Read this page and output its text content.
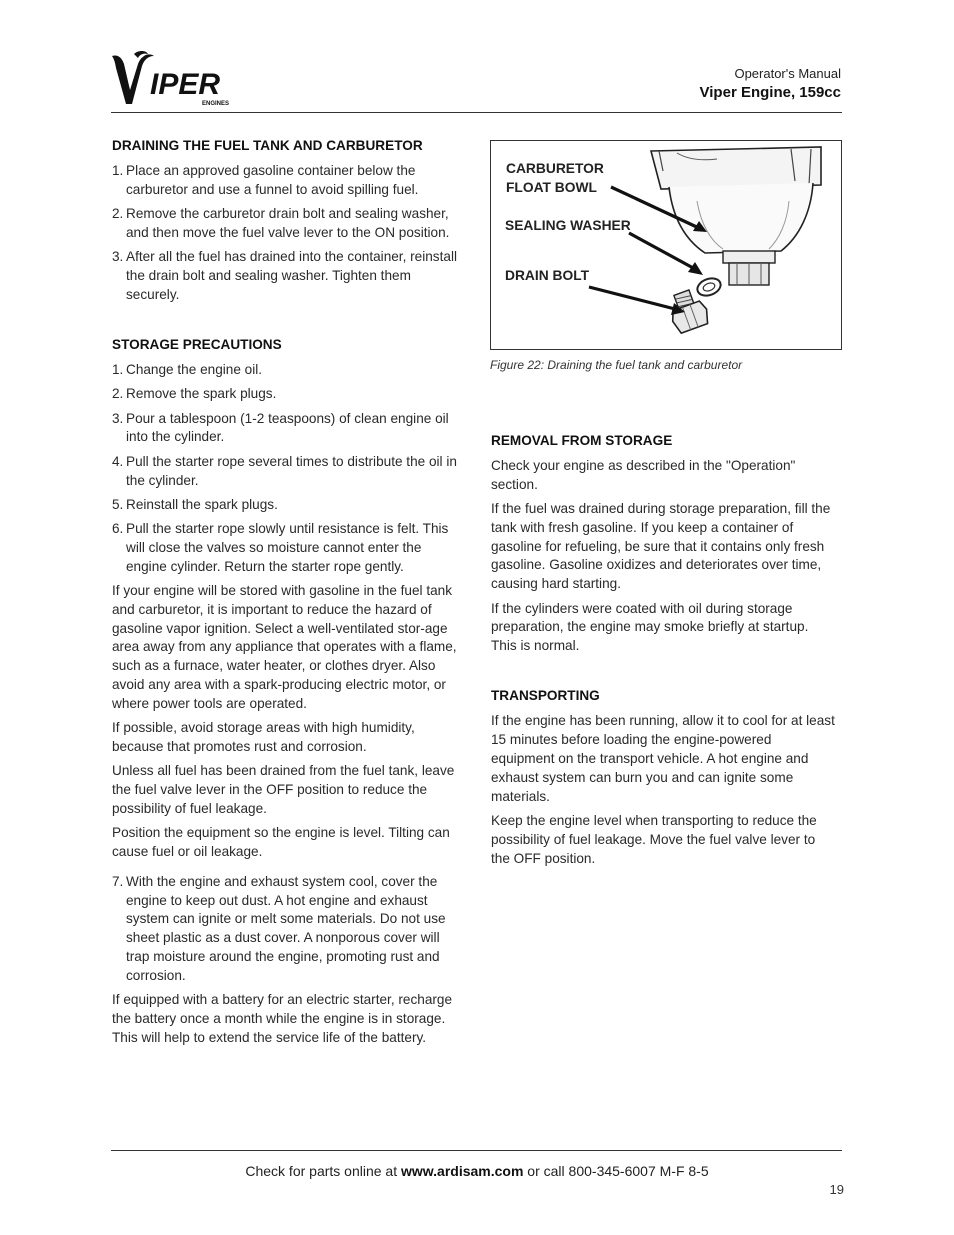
IPER
ENGINES
Operator's Manual
Viper Engine, 159cc
DRAINING THE FUEL TANK AND CARBURETOR
1. Place an approved gasoline container below the carburetor and use a funnel to avoid spilling fuel.
2. Remove the carburetor drain bolt and sealing washer, and then move the fuel valve lever to the ON position.
3. After all the fuel has drained into the container, reinstall the drain bolt and sealing washer. Tighten them securely.
STORAGE PRECAUTIONS
1. Change the engine oil.
2. Remove the spark plugs.
3. Pour a tablespoon (1-2 teaspoons) of clean engine oil into the cylinder.
4. Pull the starter rope several times to distribute the oil in the cylinder.
5. Reinstall the spark plugs.
6. Pull the starter rope slowly until resistance is felt. This will close the valves so moisture cannot enter the engine cylinder. Return the starter rope gently.

If your engine will be stored with gasoline in the fuel tank and carburetor, it is important to reduce the hazard of gasoline vapor ignition. Select a well-ventilated stor-age area away from any appliance that operates with a flame, such as a furnace, water heater, or clothes dryer. Also avoid any area with a spark-producing electric motor, or where power tools are operated.

If possible, avoid storage areas with high humidity, because that promotes rust and corrosion.

Unless all fuel has been drained from the fuel tank, leave the fuel valve lever in the OFF position to reduce the possibility of fuel leakage.

Position the equipment so the engine is level. Tilting can cause fuel or oil leakage.

7. With the engine and exhaust system cool, cover the engine to keep out dust. A hot engine and exhaust system can ignite or melt some materials. Do not use sheet plastic as a dust cover. A nonporous cover will trap moisture around the engine, promoting rust and corrosion.

If equipped with a battery for an electric starter, recharge the battery once a month while the engine is in storage. This will help to extend the service life of the battery.

CARBURETOR
FLOAT BOWL
SEALING WASHER
DRAIN BOLT
Figure 22: Draining the fuel tank and carburetor
REMOVAL FROM STORAGE

Check your engine as described in the "Operation" section.

If the fuel was drained during storage preparation, fill the tank with fresh gasoline. If you keep a container of gasoline for refueling, be sure that it contains only fresh gasoline. Gasoline oxidizes and deteriorates over time, causing hard starting.

If the cylinders were coated with oil during storage preparation, the engine may smoke briefly at startup. This is normal.

TRANSPORTING

If the engine has been running, allow it to cool for at least 15 minutes before loading the engine-powered equipment on the transport vehicle. A hot engine and exhaust system can burn you and can ignite some materials.

Keep the engine level when transporting to reduce the possibility of fuel leakage. Move the fuel valve lever to the OFF position.

Check for parts online at www.ardisam.com or call 800-345-6007 M-F 8-5
19
